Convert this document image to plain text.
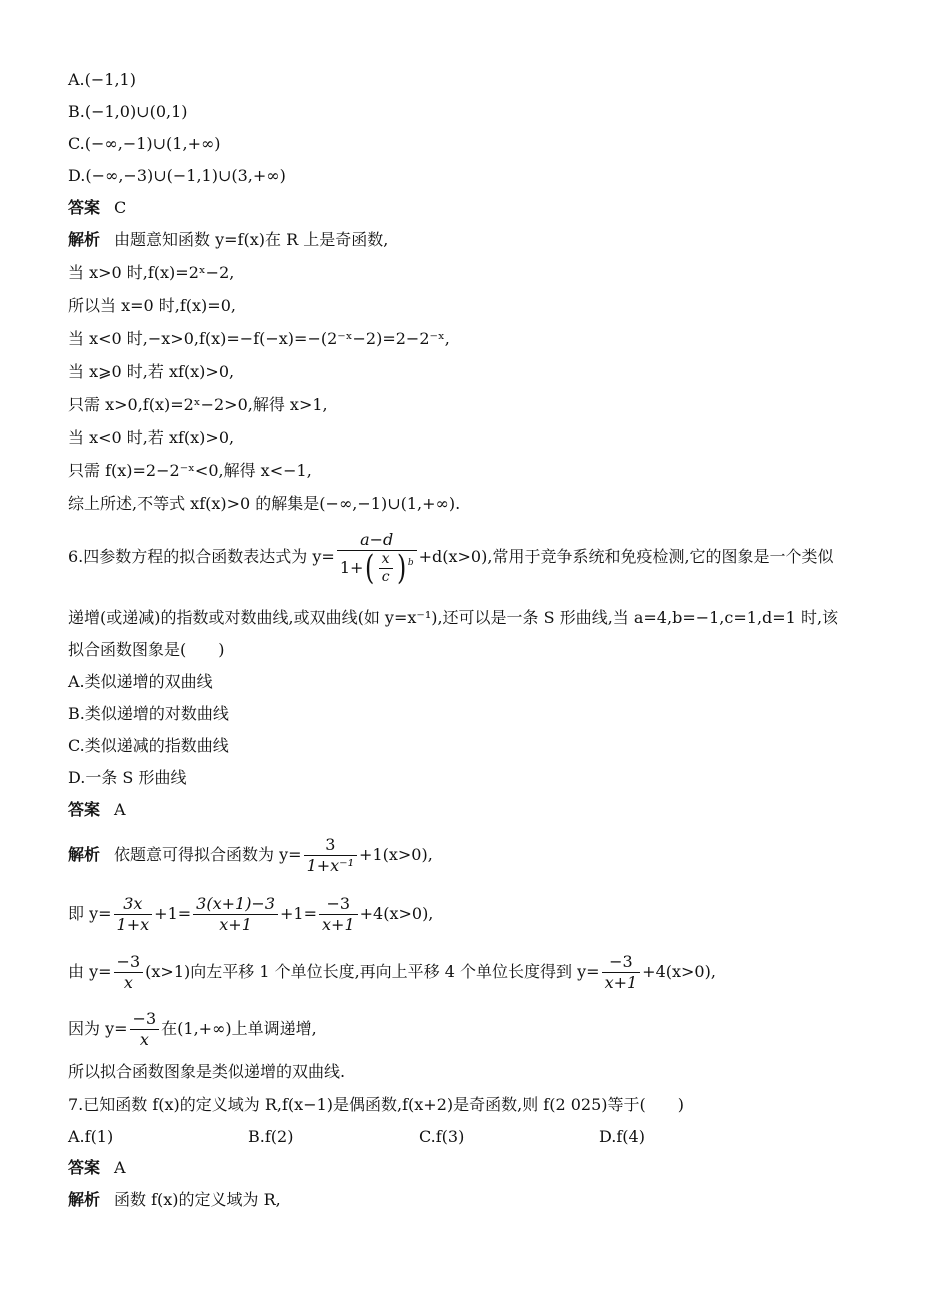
A.(−1,1)
B.(−1,0)∪(0,1)
C.(−∞,−1)∪(1,+∞)
D.(−∞,−3)∪(−1,1)∪(3,+∞)
答案 C
解析 由题意知函数 y=f(x)在 R 上是奇函数,
当 x>0 时,f(x)=2ˣ−2,
所以当 x=0 时,f(x)=0,
当 x<0 时,−x>0,f(x)=−f(−x)=−(2⁻ˣ−2)=2−2⁻ˣ,
当 x⩾0 时,若 xf(x)>0,
只需 x>0,f(x)=2ˣ−2>0,解得 x>1,
当 x<0 时,若 xf(x)>0,
只需 f(x)=2−2⁻ˣ<0,解得 x<−1,
综上所述,不等式 xf(x)>0 的解集是(−∞,−1)∪(1,+∞).
6.四参数方程的拟合函数表达式为 $y= \frac{a-d}{1+( \frac{x}{c} ) ^b} +d(x>0)$,常用于竞争系统和免疫检测,它的图象是一个类似
递增(或递减)的指数或对数曲线,或双曲线(如 y=x⁻¹),还可以是一条 S 形曲线,当 a=4,b=−1,c=1,d=1 时,该
拟合函数图象是(　　)
A.类似递增的双曲线
B.类似递增的对数曲线
C.类似递减的指数曲线
D.一条 S 形曲线
答案 A
解析 依题意可得拟合函数为 $y= \frac{3}{\text{1+x⁻¹}} +1(x>0)$,
即 $y= \frac{3x}{1+x} +1= \frac{3(x+1)-3}{x+1} +1= \frac{-3}{x+1} +4(x>0)$,
由 $y= \frac{-3}{x} (x>1)$向左平移 1 个单位长度,再向上平移 4 个单位长度得到 $y= \frac{-3}{x+1} +4(x>0)$,
因为 $y= \frac{-3}{x}$ 在(1,+∞)上单调递增,
所以拟合函数图象是类似递增的双曲线.
7.已知函数 f(x)的定义域为 R,f(x−1)是偶函数,f(x+2)是奇函数,则 f(2 025)等于(　　)
A.f(1)	B.f(2)	C.f(3)	D.f(4)
答案 A
解析 函数 f(x)的定义域为 R,
